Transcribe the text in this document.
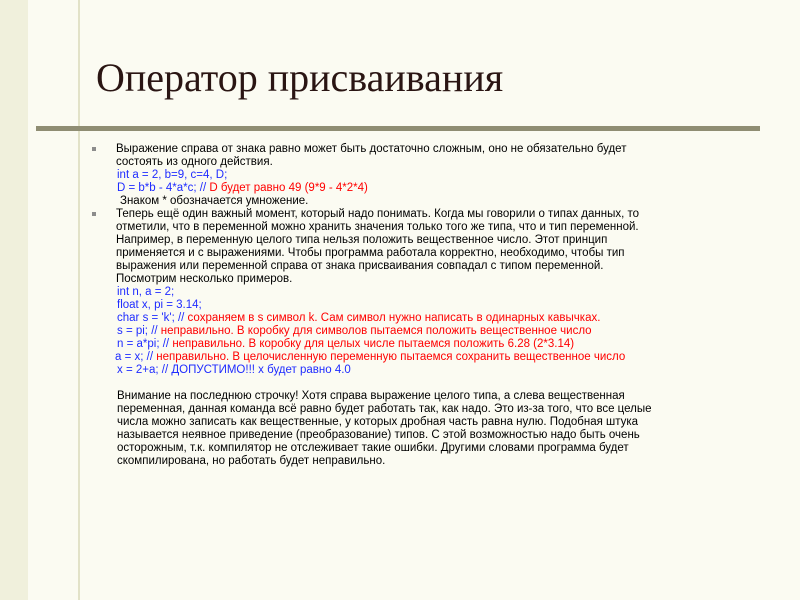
Оператор присваивания
Выражение справа от знака равно может быть достаточно сложным, оно не обязательно будет
состоять из одного действия.
int a = 2, b=9, c=4, D;
D = b*b - 4*a*c; // D будет равно 49 (9*9 - 4*2*4)
Знаком * обозначается умножение.
Теперь ещё один важный момент, который надо понимать. Когда мы говорили о типах данных, то
отметили, что в переменной можно хранить значения только того же типа, что и тип переменной.
Например, в переменную целого типа нельзя положить вещественное число. Этот принцип
применяется и с выражениями. Чтобы программа работала корректно, необходимо, чтобы тип
выражения или переменной справа от знака присваивания совпадал с типом переменной.
Посмотрим несколько примеров.
int n, a = 2;
float x, pi = 3.14;
char s = 'k'; // сохраняем в s символ k. Сам символ нужно написать в одинарных кавычках.
s = pi; // неправильно. В коробку для символов пытаемся положить вещественное число
n = a*pi; // неправильно. В коробку для целых числе пытаемся положить 6.28 (2*3.14)
a = x; // неправильно. В целочисленную переменную пытаемся сохранить вещественное число
x = 2+a; // ДОПУСТИМО!!! x будет равно 4.0
Внимание на последнюю строчку! Хотя справа выражение целого типа, а слева вещественная
переменная, данная команда всё равно будет работать так, как надо. Это из-за того, что все целые
числа можно записать как вещественные, у которых дробная часть равна нулю. Подобная штука
называется неявное приведение (преобразование) типов. С этой возможностью надо быть очень
осторожным, т.к. компилятор не отслеживает такие ошибки. Другими словами программа будет
скомпилирована, но работать будет неправильно.
